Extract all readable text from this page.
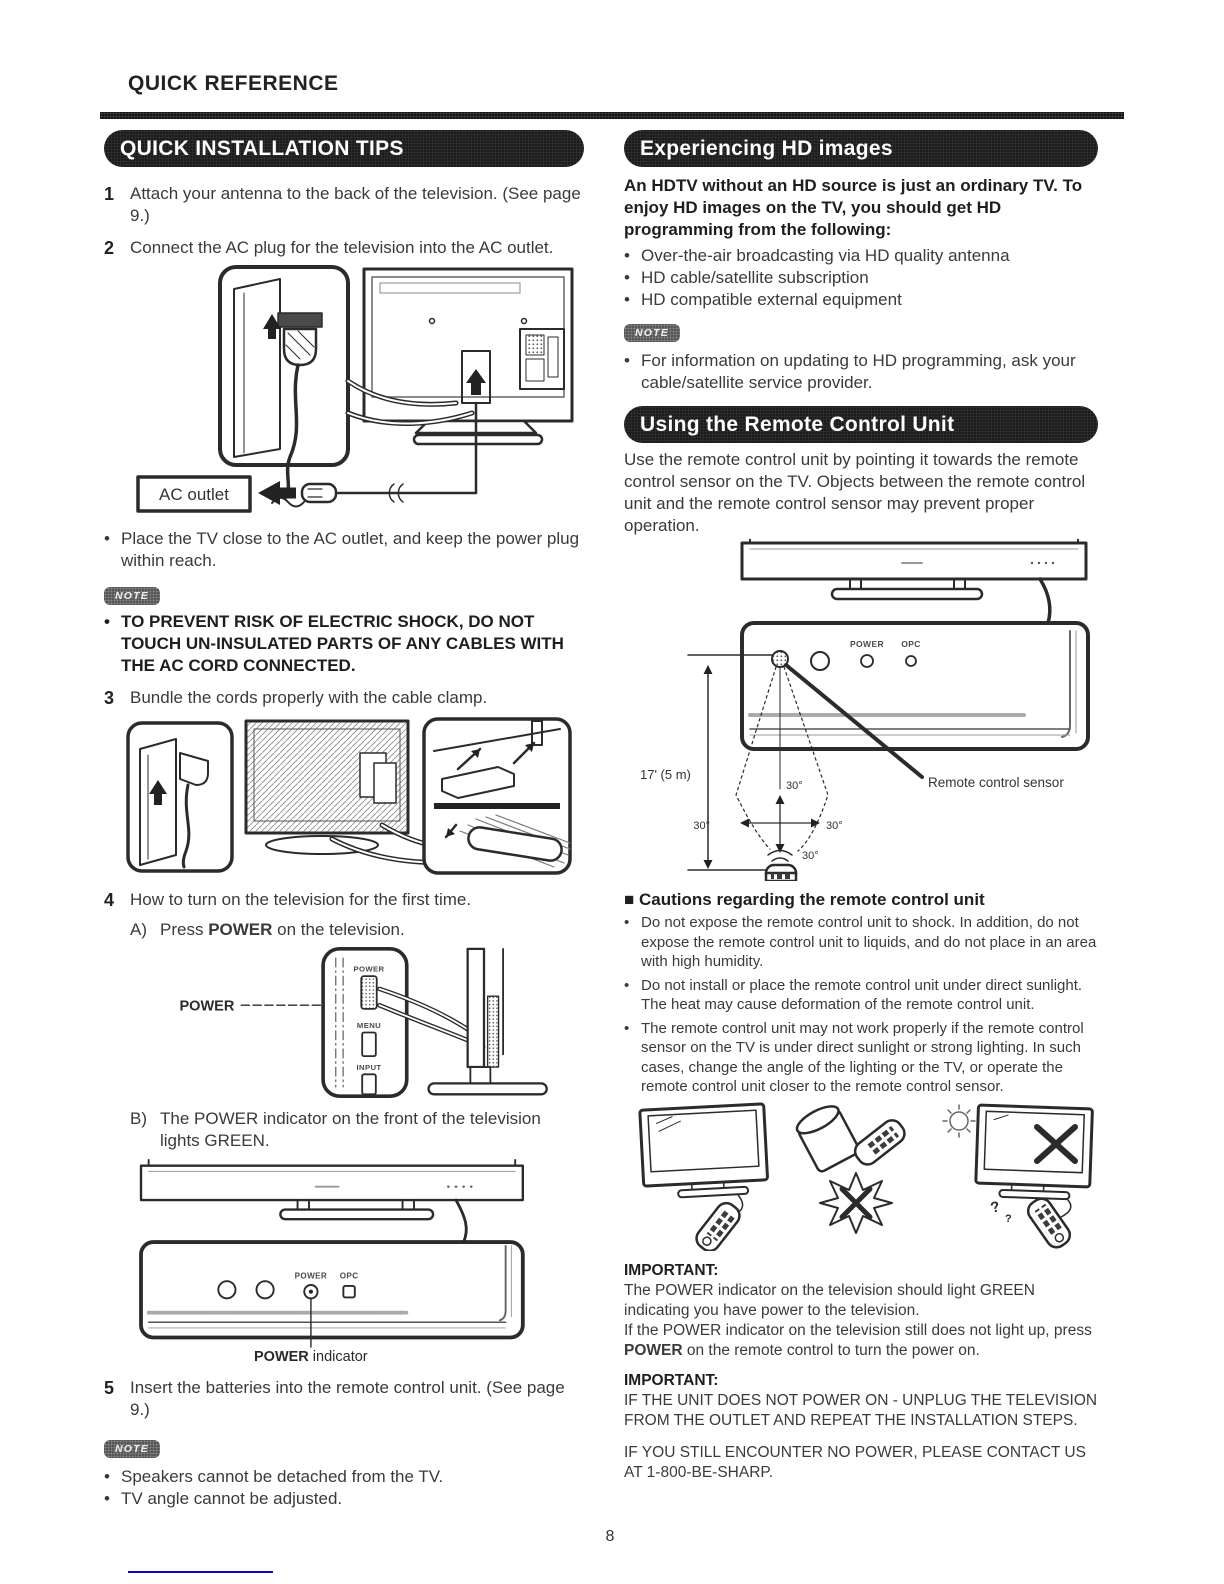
QUICK REFERENCE
QUICK INSTALLATION TIPS
1 Attach your antenna to the back of the television. (See page 9.)
2 Connect the AC plug for the television into the AC outlet.
AC outlet
• Place the TV close to the AC outlet, and keep the power plug within reach.
NOTE
• TO PREVENT RISK OF ELECTRIC SHOCK, DO NOT TOUCH UN-INSULATED PARTS OF ANY CABLES WITH THE AC CORD CONNECTED.
3 Bundle the cords properly with the cable clamp.
4 How to turn on the television for the first time.
A) Press POWER on the television.
POWER
POWER
MENU
INPUT
B) The POWER indicator on the front of the television lights GREEN.
POWER OPC
POWER indicator
5 Insert the batteries into the remote control unit. (See page 9.)
NOTE
• Speakers cannot be detached from the TV.
• TV angle cannot be adjusted.
Experiencing HD images
An HDTV without an HD source is just an ordinary TV. To enjoy HD images on the TV, you should get HD programming from the following:
• Over-the-air broadcasting via HD quality antenna
• HD cable/satellite subscription
• HD compatible external equipment
NOTE
• For information on updating to HD programming, ask your cable/satellite service provider.
Using the Remote Control Unit
Use the remote control unit by pointing it towards the remote control sensor on the TV. Objects between the remote control unit and the remote control sensor may prevent proper operation.
POWER OPC
17' (5 m)
30°
30°	30°
30°
Remote control sensor
■ Cautions regarding the remote control unit
• Do not expose the remote control unit to shock. In addition, do not expose the remote control unit to liquids, and do not place in an area with high humidity.
• Do not install or place the remote control unit under direct sunlight. The heat may cause deformation of the remote control unit.
• The remote control unit may not work properly if the remote control sensor on the TV is under direct sunlight or strong lighting. In such cases, change the angle of the lighting or the TV, or operate the remote control unit closer to the remote control sensor.
?
?
IMPORTANT:
The POWER indicator on the television should light GREEN indicating you have power to the television.
If the POWER indicator on the television still does not light up, press POWER on the remote control to turn the power on.
IMPORTANT:
IF THE UNIT DOES NOT POWER ON - UNPLUG THE TELEVISION FROM THE OUTLET AND REPEAT THE INSTALLATION STEPS.
IF YOU STILL ENCOUNTER NO POWER, PLEASE CONTACT US AT 1-800-BE-SHARP.
8
